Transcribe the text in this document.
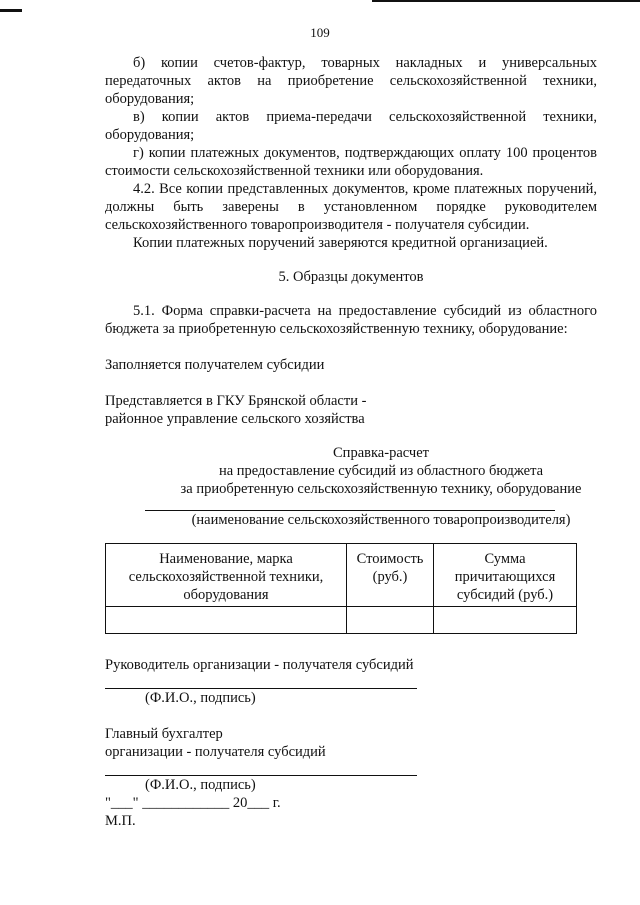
109

б) копии счетов-фактур, товарных накладных и универсальных передаточных актов на приобретение сельскохозяйственной техники, оборудования;

в) копии актов приема-передачи сельскохозяйственной техники, оборудования;

г) копии платежных документов, подтверждающих оплату 100 процентов стоимости сельскохозяйственной техники или оборудования.

4.2. Все копии представленных документов, кроме платежных поручений, должны быть заверены в установленном порядке руководителем сельскохозяйственного товаропроизводителя - получателя субсидии.

Копии платежных поручений заверяются кредитной организацией.

5. Образцы документов

5.1. Форма справки-расчета на предоставление субсидий из областного бюджета за приобретенную сельскохозяйственную технику, оборудование:

Заполняется получателем субсидии

Представляется в ГКУ Брянской области -

районное управление сельского хозяйства

Справка-расчет

на предоставление субсидий из областного бюджета

за приобретенную сельскохозяйственную технику, оборудование

(наименование сельскохозяйственного товаропроизводителя)

Наименование, марка сельскохозяйственной техники, оборудования	Стоимость (руб.)	Сумма причитающихся субсидий (руб.)

Руководитель организации - получателя субсидий

(Ф.И.О., подпись)

Главный бухгалтер

организации - получателя субсидий

(Ф.И.О., подпись)

"___" ____________ 20___ г.

М.П.
